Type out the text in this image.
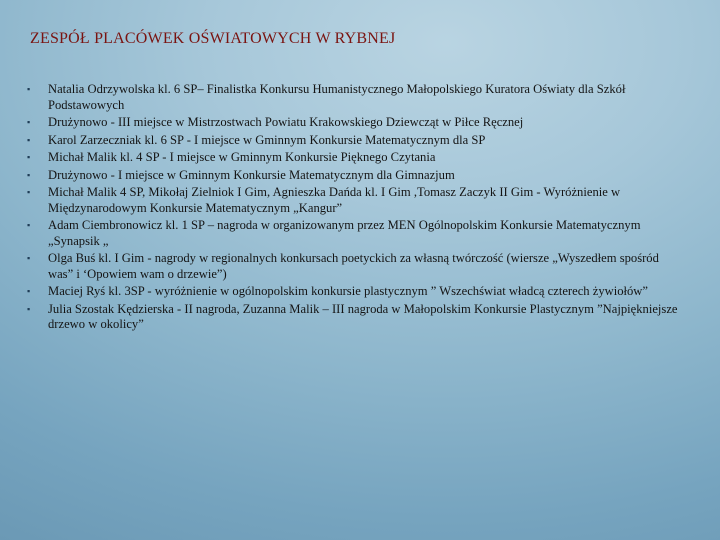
ZESPÓŁ PLACÓWEK OŚWIATOWYCH W RYBNEJ
▪	Natalia Odrzywolska kl. 6 SP– Finalistka Konkursu Humanistycznego Małopolskiego Kuratora Oświaty dla Szkół Podstawowych
▪	Drużynowo - III miejsce w Mistrzostwach Powiatu Krakowskiego Dziewcząt w Piłce Ręcznej
▪	Karol Zarzeczniak kl. 6 SP - I miejsce w Gminnym Konkursie Matematycznym dla SP
▪	Michał Malik kl. 4 SP - I miejsce w Gminnym Konkursie Pięknego Czytania
▪	Drużynowo - I miejsce w Gminnym Konkursie Matematycznym dla Gimnazjum
▪	Michał Malik 4 SP, Mikołaj Zielniok I Gim, Agnieszka Dańda kl. I Gim ,Tomasz Zaczyk II Gim - Wyróżnienie w Międzynarodowym Konkursie Matematycznym „Kangur”
▪	Adam Ciembronowicz kl. 1 SP – nagroda w organizowanym przez MEN Ogólnopolskim Konkursie Matematycznym „Synapsik „
▪	Olga Buś kl. I Gim - nagrody w regionalnych konkursach poetyckich za własną twórczość (wiersze „Wyszedłem spośród was” i ‘Opowiem wam o drzewie”)
▪	Maciej Ryś kl. 3SP - wyróżnienie w ogólnopolskim konkursie plastycznym ” Wszechświat władcą czterech żywiołów”
▪	Julia Szostak Kędzierska - II nagroda, Zuzanna Malik – III nagroda w Małopolskim Konkursie Plastycznym ”Najpiękniejsze drzewo w okolicy”
